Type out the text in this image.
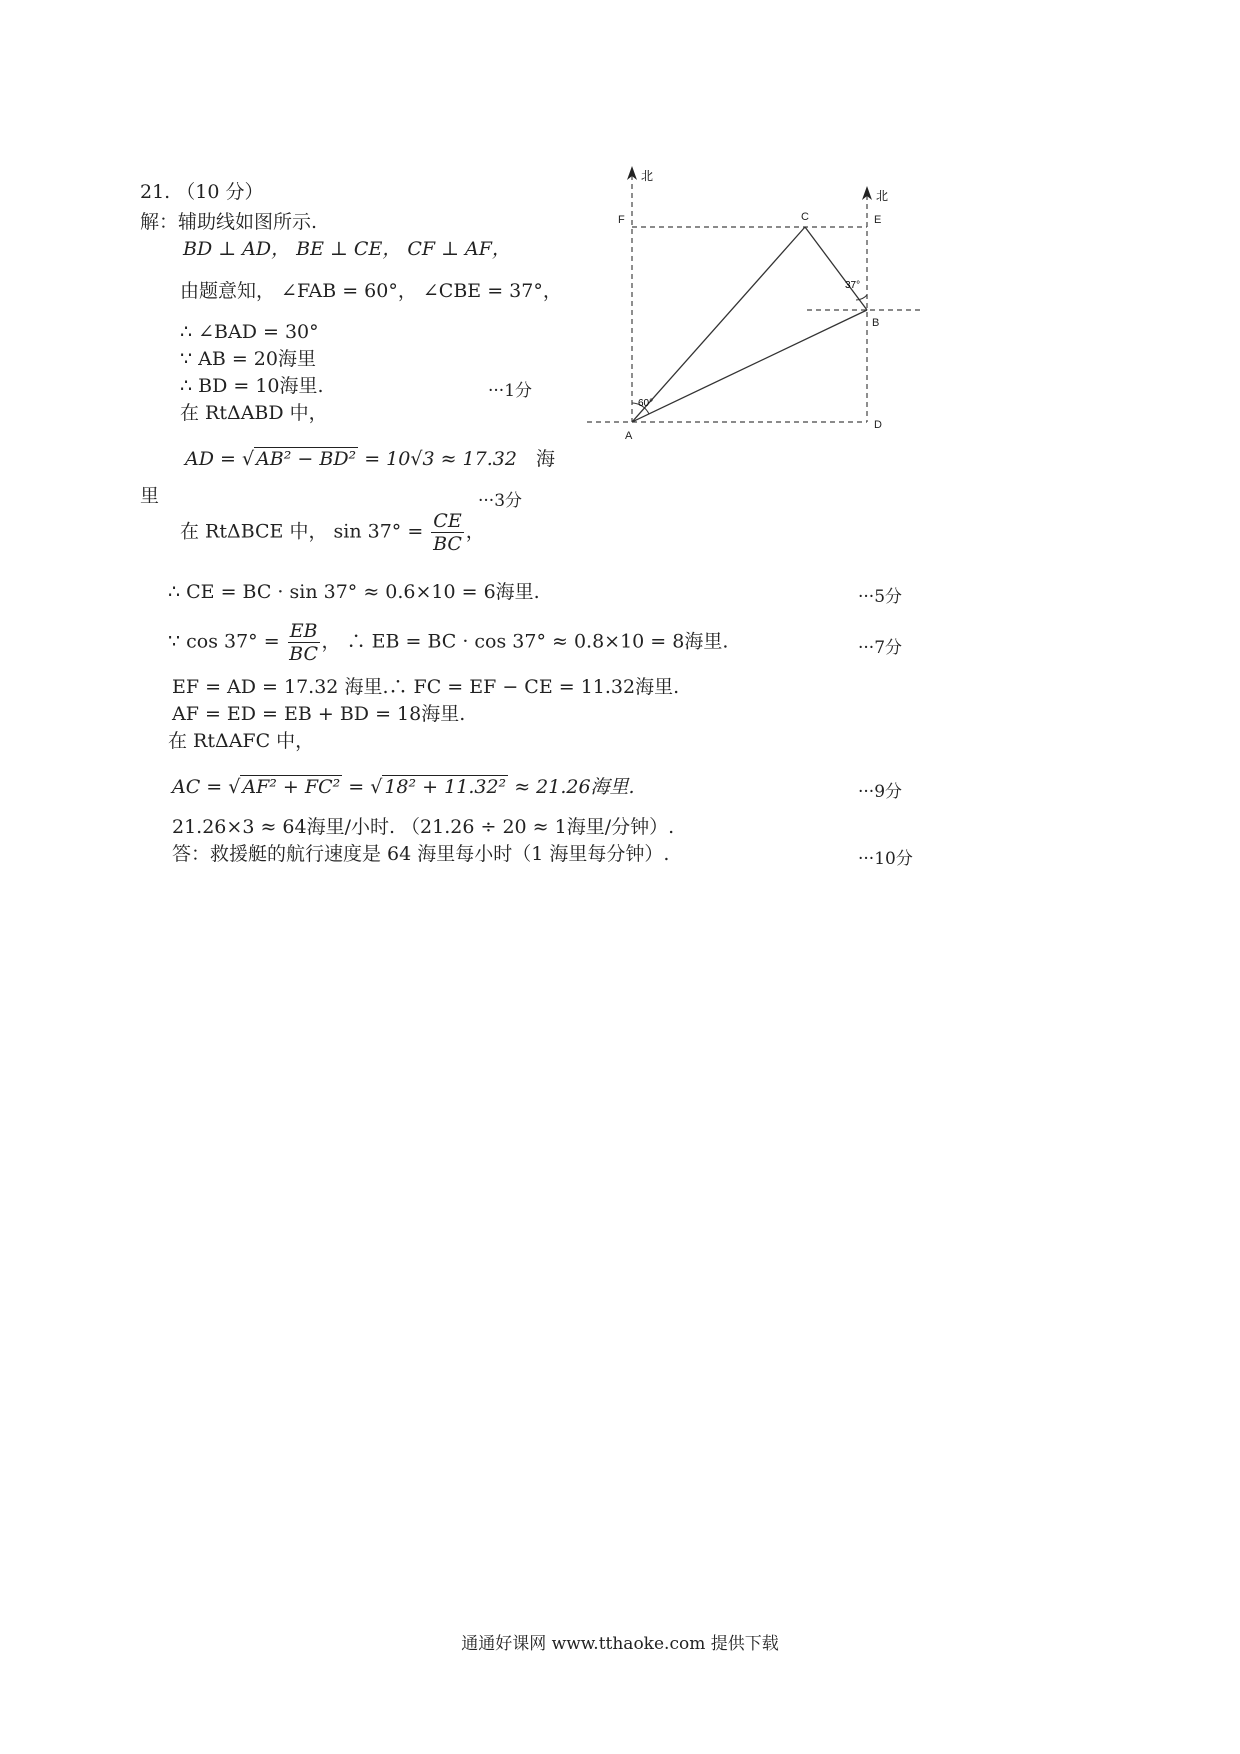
21. （10 分）
解：辅助线如图所示.
BD ⊥ AD， BE ⊥ CE， CF ⊥ AF，
由题意知， ∠FAB = 60°， ∠CBE = 37°，
∴ ∠BAD = 30°
∵ AB = 20海里
∴ BD = 10海里.	···1分
在 RtΔABD 中，
AD = √ AB² − BD² = 10√3 ≈ 17.32 海
里	···3分
在 RtΔBCE 中， $\sin 37^\circ = \frac{CE}{BC}$ ，
∴ CE = BC · sin 37° ≈ 0.6×10 = 6海里.	···5分
∵ $\cos 37^\circ = \frac{EB}{BC}$ ， ∴ EB = BC · cos 37° ≈ 0.8×10 = 8海里.	···7分
EF = AD = 17.32 海里.∴ FC = EF − CE = 11.32海里.
AF = ED = EB + BD = 18海里.
在 RtΔAFC 中，
AC = √ AF² + FC² = √ 18² + 11.32² ≈ 21.26海里.	···9分
21.26×3 ≈ 64海里/小时. （21.26 ÷ 20 ≈ 1海里/分钟）.
答：救援艇的航行速度是 64 海里每小时（1 海里每分钟）.	···10分
北
北
60°
37°
A
B
C
D
E
F
通通好课网 www.tthaoke.com 提供下载
